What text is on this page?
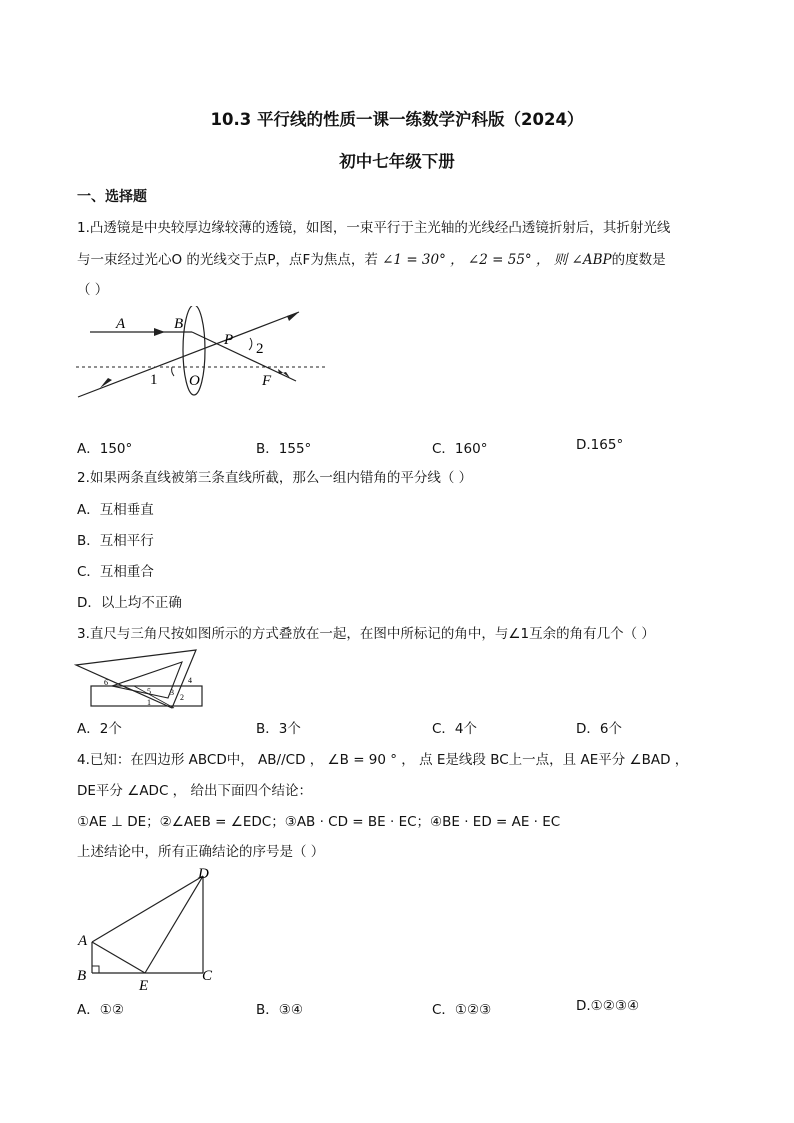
10.3 平行线的性质一课一练数学沪科版（2024）
初中七年级下册
一、选择题
1.凸透镜是中央较厚边缘较薄的透镜，如图，一束平行于主光轴的光线经凸透镜折射后，其折射光线
与一束经过光心O 的光线交于点P，点F为焦点，若 ∠1 = 30° ， ∠2 = 55° ， 则 ∠ABP的度数是
（ ）
A	B
P
2
1 O	F
A．150°	B．155°	C．160°	D.165°
2.如果两条直线被第三条直线所截，那么一组内错角的平分线（ ）
A．互相垂直
B．互相平行
C．互相重合
D．以上均不正确
3.直尺与三角尺按如图所示的方式叠放在一起，在图中所标记的角中，与∠1互余的角有几个（ ）
6
5 3
4
2
1
A．2个	B．3个	C．4个	D．6个
4.已知：在四边形 ABCD中， AB//CD ， ∠B = 90 ° ， 点 E是线段 BC上一点，且 AE平分 ∠BAD ，
DE平分 ∠ADC ， 给出下面四个结论：
①AE ⊥ DE；②∠AEB = ∠EDC；③AB · CD = BE · EC；④BE · ED = AE · EC
上述结论中，所有正确结论的序号是（ ）
D
A
B
E
C
A．①②	B．③④	C．①②③	D.①②③④
